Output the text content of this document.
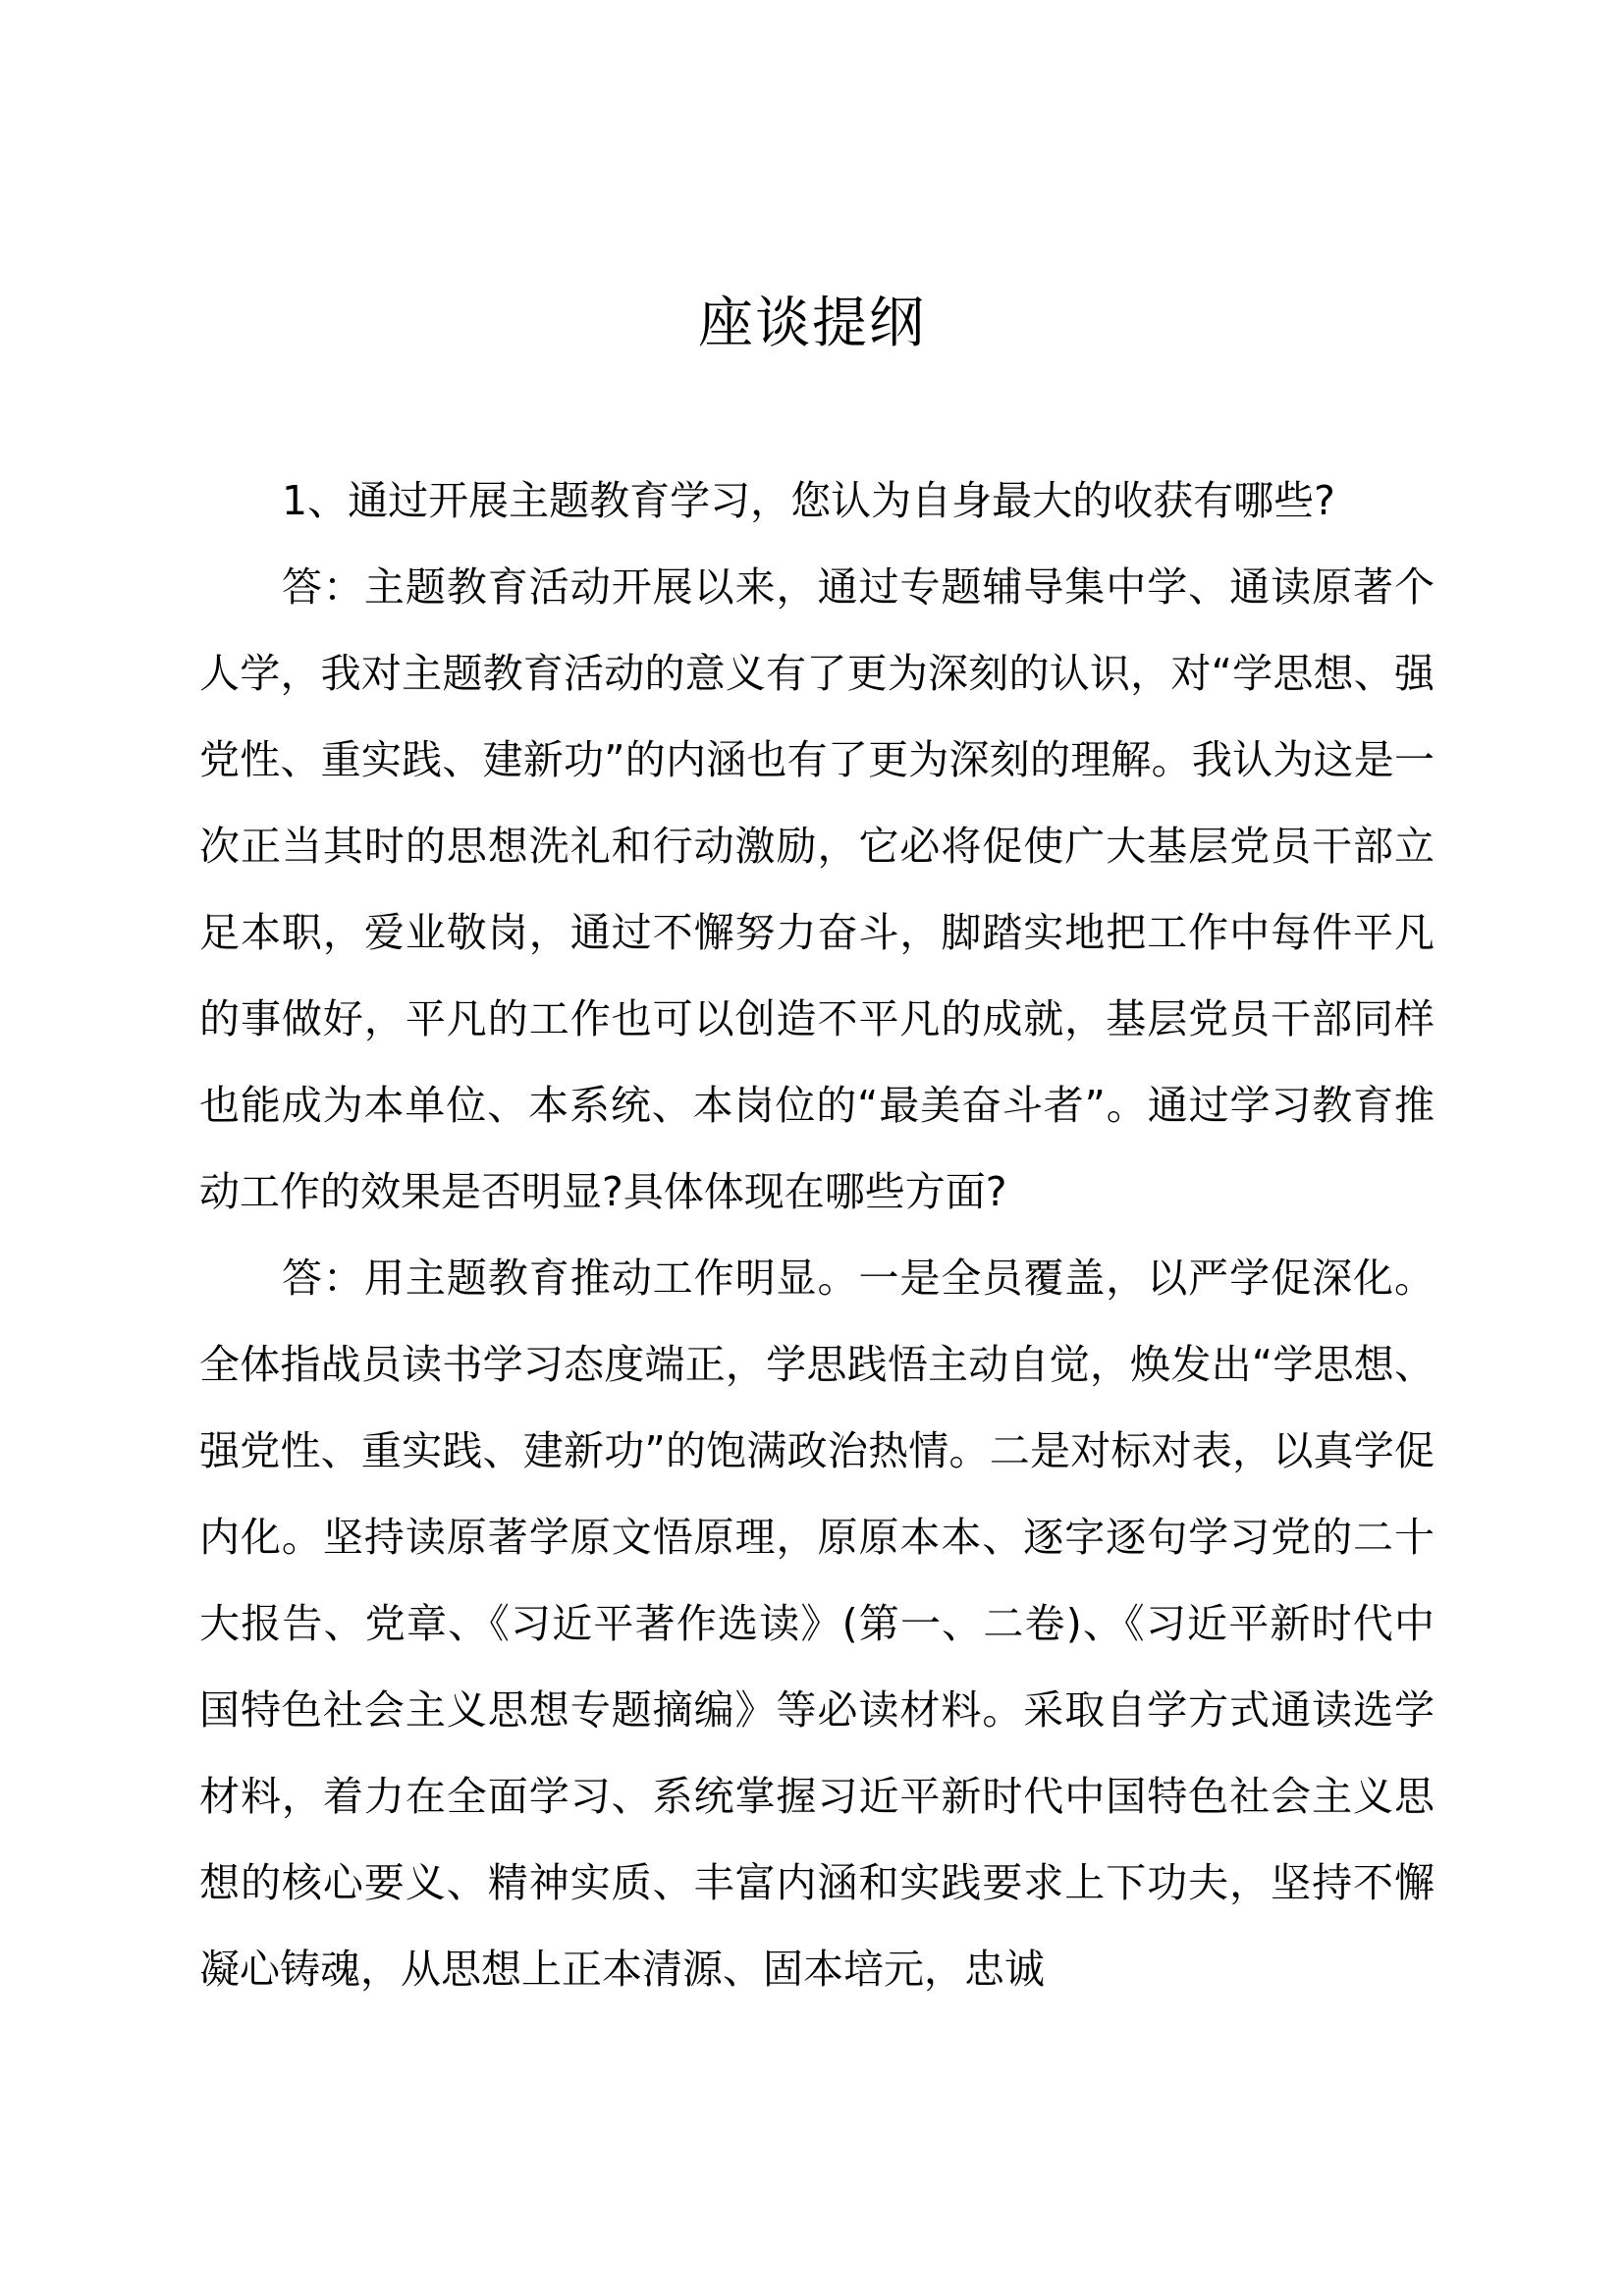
座谈提纲

1、通过开展主题教育学习，您认为自身最大的收获有哪些?

答：主题教育活动开展以来，通过专题辅导集中学、通读原著个人学，我对主题教育活动的意义有了更为深刻的认识，对“学思想、强党性、重实践、建新功”的内涵也有了更为深刻的理解。我认为这是一次正当其时的思想洗礼和行动激励，它必将促使广大基层党员干部立足本职，爱业敬岗，通过不懈努力奋斗，脚踏实地把工作中每件平凡的事做好，平凡的工作也可以创造不平凡的成就，基层党员干部同样也能成为本单位、本系统、本岗位的“最美奋斗者”。通过学习教育推动工作的效果是否明显?具体体现在哪些方面?

答：用主题教育推动工作明显。一是全员覆盖，以严学促深化。全体指战员读书学习态度端正，学思践悟主动自觉，焕发出“学思想、强党性、重实践、建新功”的饱满政治热情。二是对标对表，以真学促内化。坚持读原著学原文悟原理，原原本本、逐字逐句学习党的二十大报告、党章、《习近平著作选读》(第一、二卷)、《习近平新时代中国特色社会主义思想专题摘编》等必读材料。采取自学方式通读选学材料，着力在全面学习、系统掌握习近平新时代中国特色社会主义思想的核心要义、精神实质、丰富内涵和实践要求上下功夫，坚持不懈凝心铸魂，从思想上正本清源、固本培元，忠诚
